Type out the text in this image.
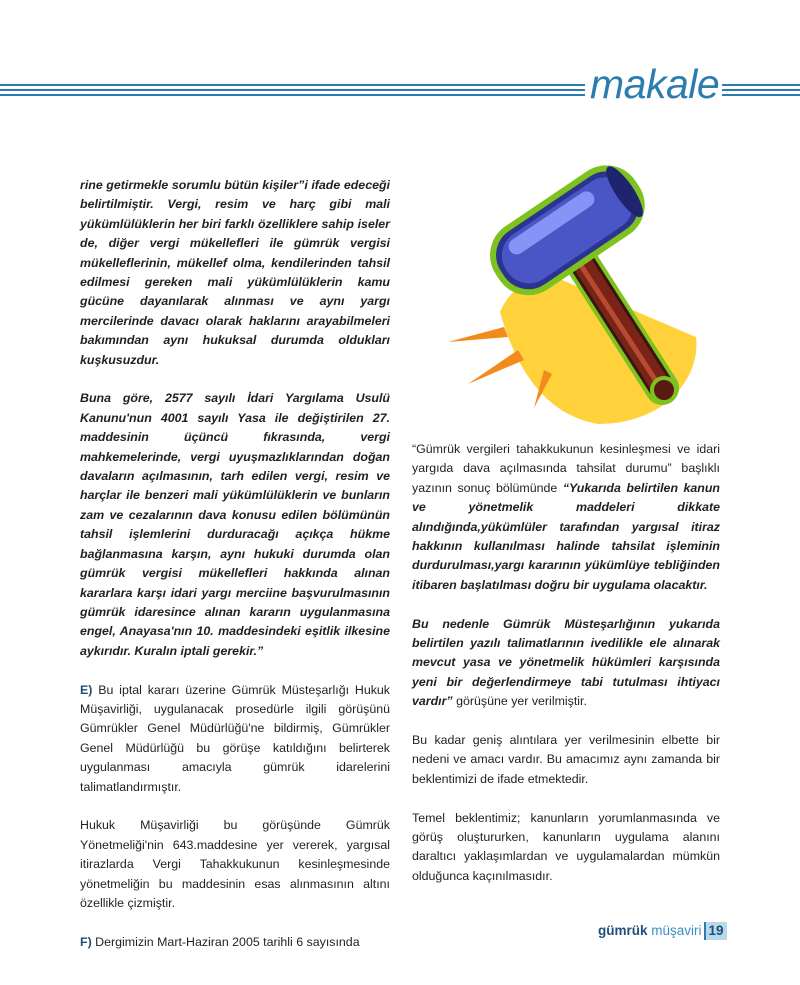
makale

rine getirmekle sorumlu bütün kişiler”i ifade edeceği belirtilmiştir. Vergi, resim ve harç gibi mali yükümlülüklerin her biri farklı özelliklere sahip iseler de, diğer vergi mükellefleri ile gümrük vergisi mükelleflerinin, mükellef olma, kendilerinden tahsil edilmesi gereken mali yükümlülüklerin kamu gücüne dayanılarak alınması ve aynı yargı mercilerinde davacı olarak haklarını arayabilmeleri bakımından aynı hukuksal durumda oldukları kuşkusuzdur.

Buna göre, 2577 sayılı İdari Yargılama Usulü Kanunu'nun 4001 sayılı Yasa ile değiştirilen 27. maddesinin üçüncü fıkrasında, vergi mahkemelerinde, vergi uyuşmazlıklarından doğan davaların açılmasının, tarh edilen vergi, resim ve harçlar ile benzeri mali yükümlülüklerin ve bunların zam ve cezalarının dava konusu edilen bölümünün tahsil işlemlerini durduracağı açıkça hükme bağlanmasına karşın, aynı hukuki durumda olan gümrük vergisi mükellefleri hakkında alınan kararlara karşı idari yargı merciine başvurulmasının gümrük idaresince alınan kararın uygulanmasına engel, Anayasa'nın 10. maddesindeki eşitlik ilkesine aykırıdır. Kuralın iptali gerekir.”

E) Bu iptal kararı üzerine Gümrük Müsteşarlığı Hukuk Müşavirliği, uygulanacak prosedürle ilgili görüşünü Gümrükler Genel Müdürlüğü'ne bildirmiş, Gümrükler Genel Müdürlüğü bu görüşe katıldığını belirterek uygulanması amacıyla gümrük idarelerini talimatlandırmıştır.

Hukuk Müşavirliği bu görüşünde Gümrük Yönetmeliği'nin 643.maddesine yer vererek, yargısal itirazlarda Vergi Tahakkukunun kesinleşmesinde yönetmeliğin bu maddesinin esas alınmasının altını özellikle çizmiştir.

F) Dergimizin Mart-Haziran 2005 tarihli 6 sayısında

“Gümrük vergileri tahakkukunun kesinleşmesi ve idari yargıda dava açılmasında tahsilat durumu” başlıklı yazının sonuç bölümünde “Yukarıda belirtilen kanun ve yönetmelik maddeleri dikkate alındığında,yükümlüler tarafından yargısal itiraz hakkının kullanılması halinde tahsilat işleminin durdurulması,yargı kararının yükümlüye tebliğinden itibaren başlatılması doğru bir uygulama olacaktır.

Bu nedenle Gümrük Müsteşarlığının yukarıda belirtilen yazılı talimatlarının ivedilikle ele alınarak mevcut yasa ve yönetmelik hükümleri karşısında yeni bir değerlendirmeye tabi tutulması ihtiyacı vardır” görüşüne yer verilmiştir.

Bu kadar geniş alıntılara yer verilmesinin elbette bir nedeni ve amacı vardır. Bu amacımız aynı zamanda bir beklentimizi de ifade etmektedir.

Temel beklentimiz; kanunların yorumlanmasında ve görüş oluştururken, kanunların uygulama alanını daraltıcı yaklaşımlardan ve uygulamalardan mümkün olduğunca kaçınılmasıdır.

gümrük müşaviri 19
